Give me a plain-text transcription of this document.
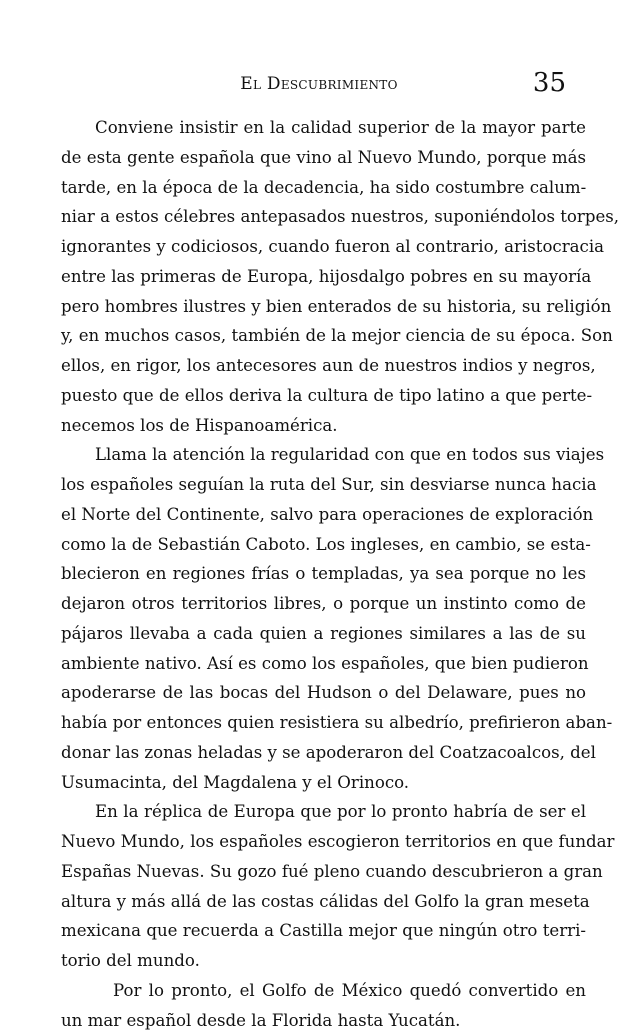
El Descubrimiento	35
Conviene insistir en la calidad superior de la mayor parte
de esta gente española que vino al Nuevo Mundo, porque más
tarde, en la época de la decadencia, ha sido costumbre calum-
niar a estos célebres antepasados nuestros, suponiéndolos torpes,
ignorantes y codiciosos, cuando fueron al contrario, aristocracia
entre las primeras de Europa, hijosdalgo pobres en su mayoría
pero hombres ilustres y bien enterados de su historia, su religión
y, en muchos casos, también de la mejor ciencia de su época. Son
ellos, en rigor, los antecesores aun de nuestros indios y negros,
puesto que de ellos deriva la cultura de tipo latino a que perte-
necemos los de Hispanoamérica.
Llama la atención la regularidad con que en todos sus viajes
los españoles seguían la ruta del Sur, sin desviarse nunca hacia
el Norte del Continente, salvo para operaciones de exploración
como la de Sebastián Caboto. Los ingleses, en cambio, se esta-
blecieron en regiones frías o templadas, ya sea porque no les
dejaron otros territorios libres, o porque un instinto como de
pájaros llevaba a cada quien a regiones similares a las de su
ambiente nativo. Así es como los españoles, que bien pudieron
apoderarse de las bocas del Hudson o del Delaware, pues no
había por entonces quien resistiera su albedrío, prefirieron aban-
donar las zonas heladas y se apoderaron del Coatzacoalcos, del
Usumacinta, del Magdalena y el Orinoco.
En la réplica de Europa que por lo pronto habría de ser el
Nuevo Mundo, los españoles escogieron territorios en que fundar
Españas Nuevas. Su gozo fué pleno cuando descubrieron a gran
altura y más allá de las costas cálidas del Golfo la gran meseta
mexicana que recuerda a Castilla mejor que ningún otro terri-
torio del mundo.
Por lo pronto, el Golfo de México quedó convertido en
un mar español desde la Florida hasta Yucatán.
